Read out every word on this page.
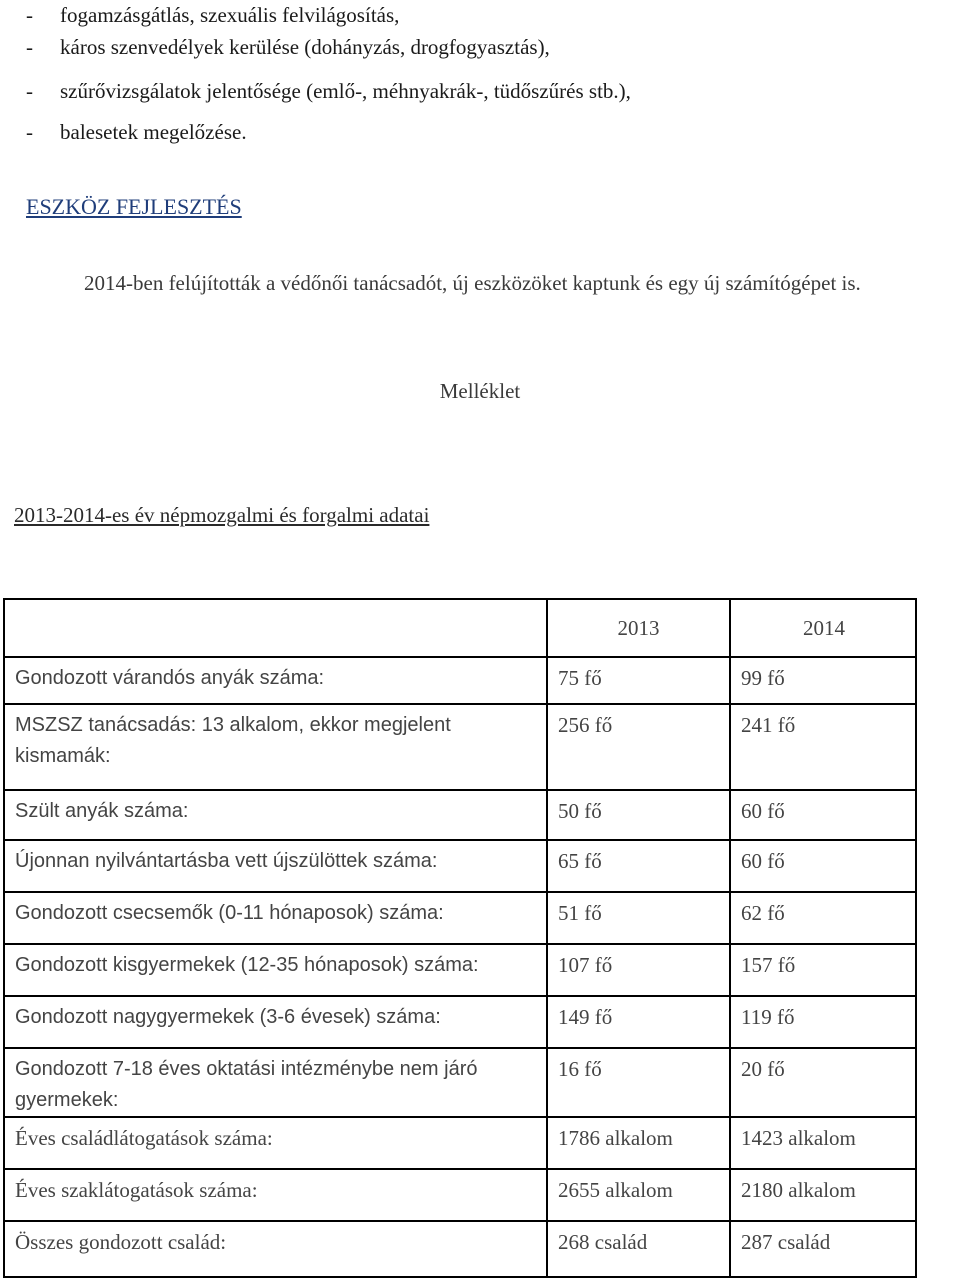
- fogamzásgátlás, szexuális felvilágosítás,
- káros szenvedélyek kerülése (dohányzás, drogfogyasztás),
- szűrővizsgálatok jelentősége (emlő-, méhnyakrák-, tüdőszűrés stb.),
- balesetek megelőzése.
ESZKÖZ FEJLESZTÉS
2014-ben felújították a védőnői tanácsadót, új eszközöket kaptunk és egy új számítógépet is.
Melléklet
2013-2014-es év népmozgalmi és forgalmi adatai
	2013	2014
Gondozott várandós anyák száma:	75 fő	99 fő
MSZSZ tanácsadás: 13 alkalom, ekkor megjelent kismamák:	256 fő	241 fő
Szült anyák száma:	50 fő	60 fő
Újonnan nyilvántartásba vett újszülöttek száma:	65 fő	60 fő
Gondozott csecsemők (0-11 hónaposok) száma:	51 fő	62 fő
Gondozott kisgyermekek (12-35 hónaposok) száma:	107 fő	157 fő
Gondozott nagygyermekek (3-6 évesek) száma:	149 fő	119 fő
Gondozott 7-18 éves oktatási intézménybe nem járó gyermekek:	16 fő	20 fő
Éves családlátogatások száma:	1786 alkalom	1423 alkalom
Éves szaklátogatások száma:	2655 alkalom	2180 alkalom
Összes gondozott család:	268 család	287 család
